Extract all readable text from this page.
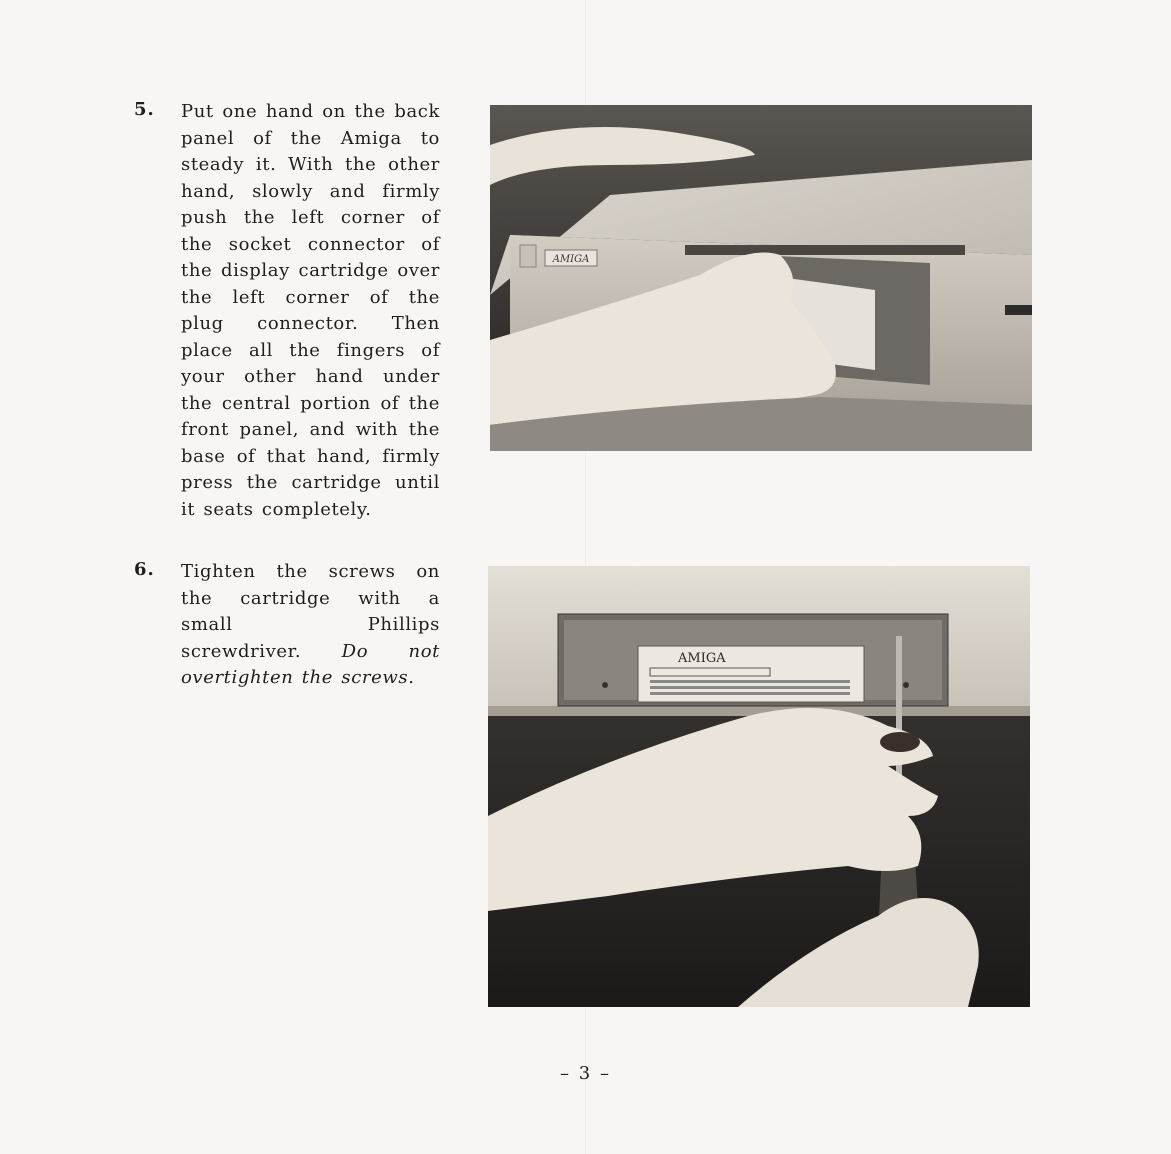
5. Put one hand on the back panel of the Amiga to steady it. With the other hand, slowly and firmly push the left corner of the socket connector of the display cartridge over the left corner of the plug connector. Then place all the fingers of your other hand under the central portion of the front panel, and with the base of that hand, firmly press the cartridge until it seats completely.
AMIGA
6. Tighten the screws on the cartridge with a small Phillips screwdriver. Do not overtighten the screws.
AMIGA
– 3 –
